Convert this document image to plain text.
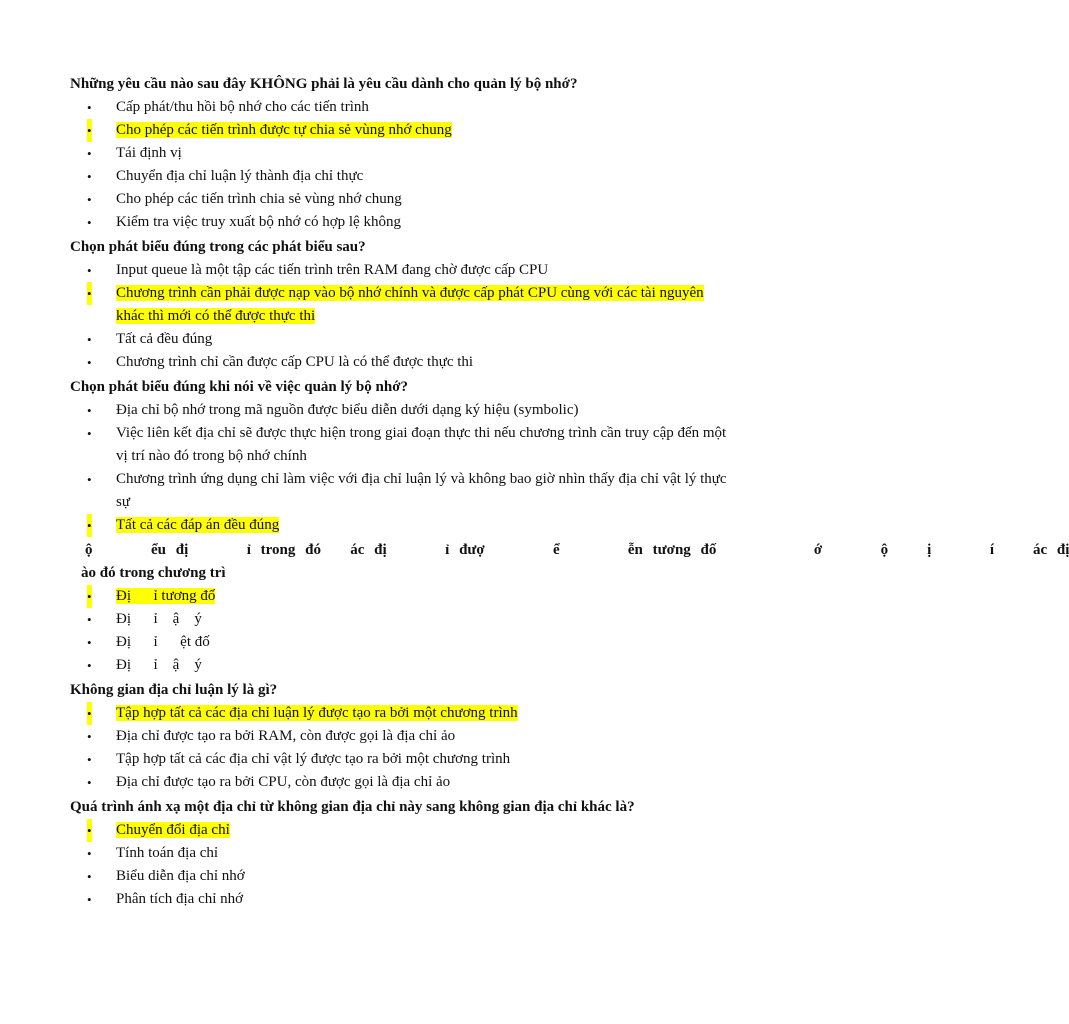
Những yêu cầu nào sau đây KHÔNG phải là yêu cầu dành cho quản lý bộ nhớ?

• Cấp phát/thu hồi bộ nhớ cho các tiến trình
• Cho phép các tiến trình được tự chia sẻ vùng nhớ chung
• Tái định vị
• Chuyển địa chỉ luận lý thành địa chỉ thực
• Cho phép các tiến trình chia sẻ vùng nhớ chung
• Kiểm tra việc truy xuất bộ nhớ có hợp lệ không

Chọn phát biểu đúng trong các phát biểu sau?

• Input queue là một tập các tiến trình trên RAM đang chờ được cấp CPU
• Chương trình cần phải được nạp vào bộ nhớ chính và được cấp phát CPU cùng với các tài nguyên khác thì mới có thể được thực thi
• Tất cả đều đúng
• Chương trình chỉ cần được cấp CPU là có thể được thực thi

Chọn phát biểu đúng khi nói về việc quản lý bộ nhớ?

• Địa chỉ bộ nhớ trong mã nguồn được biểu diễn dưới dạng ký hiệu (symbolic)
• Việc liên kết địa chỉ sẽ được thực hiện trong giai đoạn thực thi nếu chương trình cần truy cập đến một vị trí nào đó trong bộ nhớ chính
• Chương trình ứng dụng chỉ làm việc với địa chỉ luận lý và không bao giờ nhìn thấy địa chỉ vật lý thực sự
• Tất cả các đáp án đều đúng
ộ      ểu đị      ỉ trong đó   ác đị      ỉ đượ       ể       ễn tương đố          ớ      ộ    ị      í    ác đị
ào đó trong chương trì
• Đị      ỉ tương đố
• Đị      ỉ    ậ    ý
• Đị      ỉ      ệt đố
• Đị      ỉ    ậ    ý

Không gian địa chỉ luận lý là gì?

• Tập hợp tất cả các địa chỉ luận lý được tạo ra bởi một chương trình
• Địa chỉ được tạo ra bởi RAM, còn được gọi là địa chỉ ảo
• Tập hợp tất cả các địa chỉ vật lý được tạo ra bởi một chương trình
• Địa chỉ được tạo ra bởi CPU, còn được gọi là địa chỉ ảo

Quá trình ánh xạ một địa chỉ từ không gian địa chỉ này sang không gian địa chỉ khác là?

• Chuyển đổi địa chỉ
• Tính toán địa chỉ
• Biểu diễn địa chỉ nhớ
• Phân tích địa chỉ nhớ
